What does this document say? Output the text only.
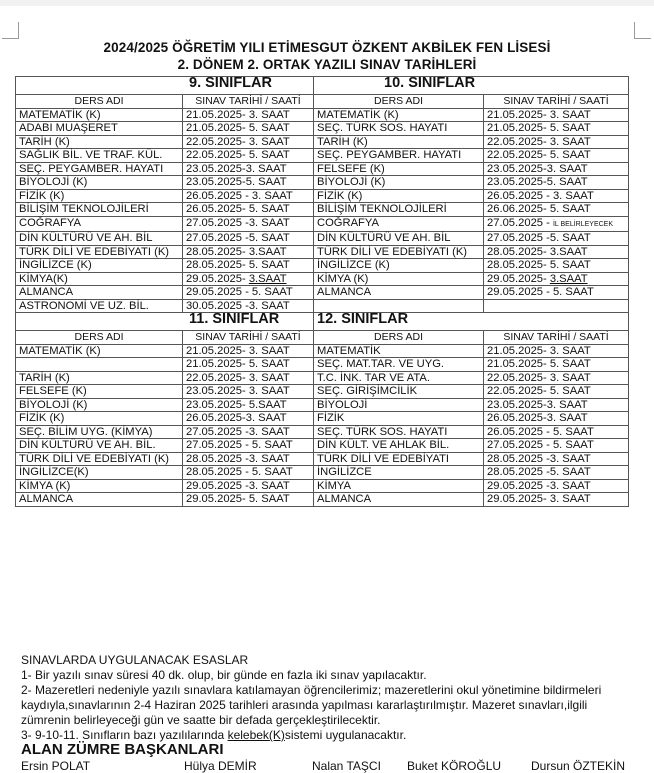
2024/2025 ÖĞRETİM YILI ETİMESGUT ÖZKENT AKBİLEK FEN LİSESİ
2. DÖNEM 2. ORTAK YAZILI SINAV TARİHLERİ
9. SINIFLAR		10. SINIFLAR	
DERS ADI	SINAV TARİHİ / SAATİ	DERS ADI	SINAV TARİHİ / SAATİ
MATEMATİK (K)	21.05.2025- 3. SAAT	MATEMATİK (K)	21.05.2025- 3. SAAT
ADABI MUAŞERET	21.05.2025- 5. SAAT	SEÇ. TÜRK SOS. HAYATI	21.05.2025- 5. SAAT
TARİH (K)	22.05.2025- 3. SAAT	TARİH (K)	22.05.2025- 3. SAAT
SAĞLIK BİL. VE TRAF. KÜL.	22.05.2025- 5. SAAT	SEÇ. PEYGAMBER. HAYATI	22.05.2025- 5. SAAT
SEÇ. PEYGAMBER. HAYATI	23.05.2025-3. SAAT	FELSEFE (K)	23.05.2025-3. SAAT
BİYOLOJİ (K)	23.05.2025-5. SAAT	BİYOLOJİ (K)	23.05.2025-5. SAAT
FİZİK (K)	26.05.2025 - 3. SAAT	FİZİK (K)	26.05.2025 - 3. SAAT
BİLİŞİM TEKNOLOJİLERİ	26.05.2025- 5. SAAT	BİLİŞİM TEKNOLOJİLERİ	26.06.2025- 5. SAAT
COĞRAFYA	27.05.2025 -3. SAAT	COĞRAFYA	27.05.2025 - İL BELİRLEYECEK
DİN KÜLTÜRÜ VE AH. BİL	27.05.2025 -5. SAAT	DİN KÜLTÜRÜ VE AH. BİL	27.05.2025 -5. SAAT
TÜRK DİLİ VE EDEBİYATI (K)	28.05.2025- 3.SAAT	TÜRK DİLİ VE EDEBİYATI (K)	28.05.2025- 3.SAAT
İNGİLİZCE (K)	28.05.2025- 5. SAAT	İNGİLİZCE (K)	28.05.2025- 5. SAAT
KİMYA(K)	29.05.2025- 3.SAAT	KİMYA (K)	29.05.2025- 3.SAAT
ALMANCA	29.05.2025 - 5. SAAT	ALMANCA	29.05.2025 - 5. SAAT
ASTRONOMİ VE UZ. BİL.	30.05.2025 -3. SAAT		
11. SINIFLAR		12. SINIFLAR	
DERS ADI	SINAV TARİHİ / SAATİ	DERS ADI	SINAV TARİHİ / SAATİ
MATEMATİK (K)	21.05.2025- 3. SAAT	MATEMATİK	21.05.2025- 3. SAAT
	21.05.2025- 5. SAAT	SEÇ. MAT.TAR. VE UYG.	21.05.2025- 5. SAAT
TARİH (K)	22.05.2025- 3. SAAT	T.C. İNK. TAR VE ATA.	22.05.2025- 3. SAAT
FELSEFE (K)	23.05.2025- 3. SAAT	SEÇ. GİRİŞİMCİLİK	22.05.2025- 5. SAAT
BİYOLOJİ (K)	23.05.2025- 5.SAAT	BİYOLOJİ	23.05.2025-3. SAAT
FİZİK (K)	26.05.2025-3. SAAT	FİZİK	26.05.2025-3. SAAT
SEÇ. BİLİM UYG. (KİMYA)	27.05.2025 -3. SAAT	SEÇ. TÜRK SOS. HAYATI	26.05.2025 - 5. SAAT
DİN KÜLTÜRÜ VE AH. BİL.	27.05.2025 - 5. SAAT	DİN KÜLT. VE AHLAK BİL.	27.05.2025 - 5. SAAT
TÜRK DİLİ VE EDEBİYATI (K)	28.05.2025 -3. SAAT	TÜRK DİLİ VE EDEBİYATI	28.05.2025 -3. SAAT
İNGİLİZCE(K)	28.05.2025 - 5. SAAT	İNGİLİZCE	28.05.2025 -5. SAAT
KİMYA (K)	29.05.2025 -3. SAAT	KİMYA	29.05.2025 -3. SAAT
ALMANCA	29.05.2025- 5. SAAT	ALMANCA	29.05.2025- 3. SAAT

SINAVLARDA UYGULANACAK ESASLAR

1- Bir yazılı sınav süresi 40 dk. olup, bir günde en fazla iki sınav yapılacaktır.

2- Mazeretleri nedeniyle yazılı sınavlara katılamayan öğrencilerimiz; mazeretlerini okul yönetimine bildirmeleri kaydıyla,sınavlarının 2-4 Haziran 2025 tarihleri arasında yapılması kararlaştırılmıştır. Mazeret sınavları,ilgili zümrenin belirleyeceği gün ve saatte bir defada gerçekleştirilecektir.

3- 9-10-11. Sınıfların bazı yazılılarında kelebek(K)sistemi uygulanacaktır.

ALAN ZÜMRE BAŞKANLARI
Ersin POLAT	Hülya DEMİR	Nalan TAŞCI Buket KÖROĞLU Dursun ÖZTEKİN
